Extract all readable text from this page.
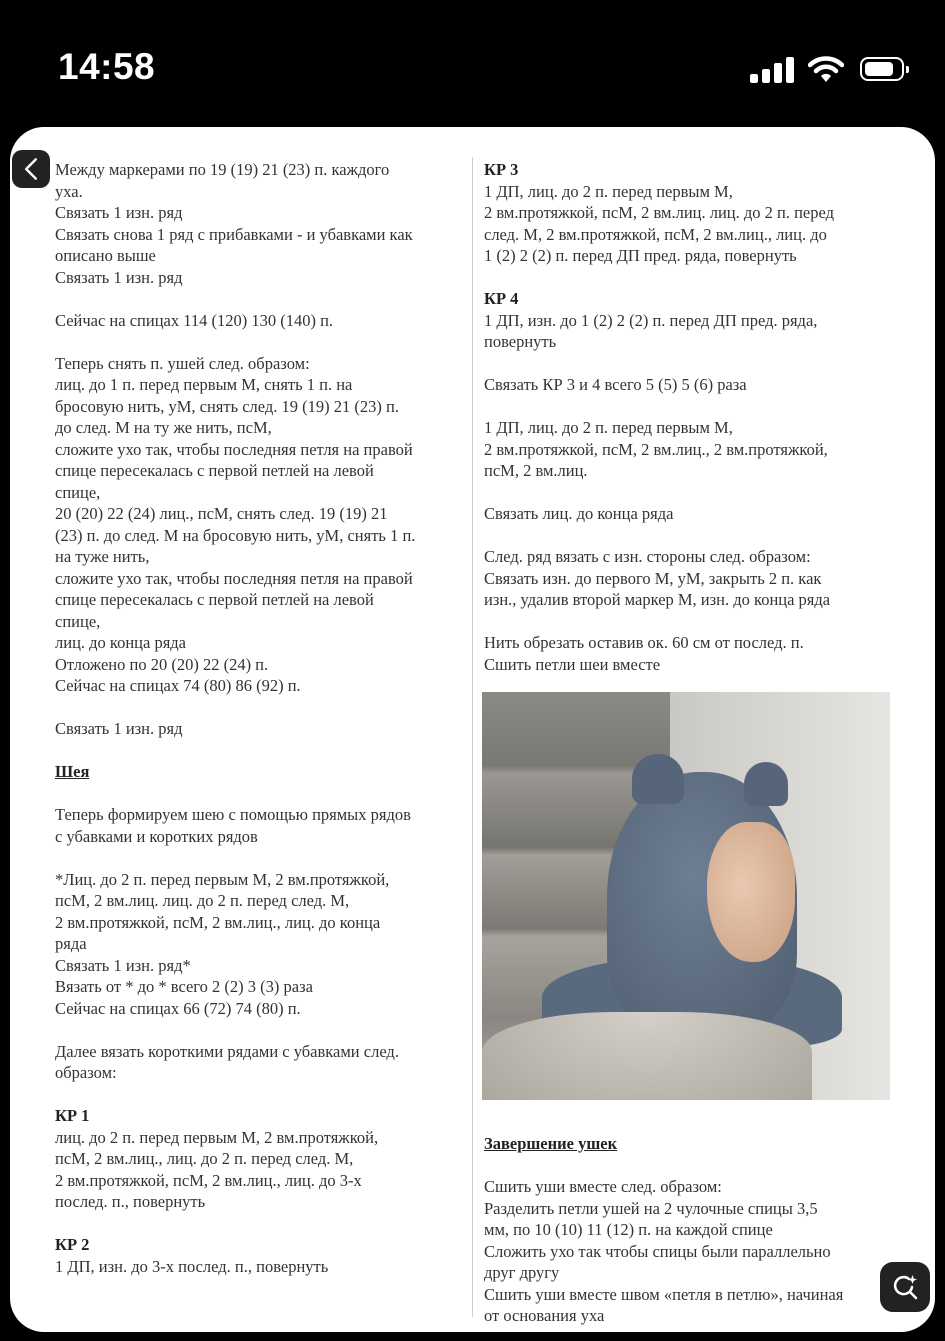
14:58
Между маркерами по 19 (19) 21 (23) п. каждого
уха.
Связать 1 изн. ряд
Связать снова 1 ряд с прибавками - и убавками как
описано выше
Связать 1 изн. ряд
Сейчас на спицах 114 (120) 130 (140) п.
Теперь снять п. ушей след. образом:
лиц. до 1 п. перед первым М, снять 1 п. на
бросовую нить, уМ, снять след. 19 (19) 21 (23) п.
до след. М на ту же нить, псМ,
сложите ухо так, чтобы последняя петля на правой
спице пересекалась с первой петлей на левой
спице,
20 (20) 22 (24) лиц., псМ, снять след. 19 (19) 21
(23) п. до след. М на бросовую нить, уМ, снять 1 п.
на туже нить,
сложите ухо так, чтобы последняя петля на правой
спице пересекалась с первой петлей на левой
спице,
лиц. до конца ряда
Отложено по 20 (20) 22 (24) п.
Сейчас на спицах 74 (80) 86 (92) п.
Связать 1 изн. ряд
Шея
Теперь формируем шею с помощью прямых рядов
с убавками и коротких рядов
*Лиц. до 2 п. перед первым М, 2 вм.протяжкой,
псМ, 2 вм.лиц. лиц. до 2 п. перед след. М,
2 вм.протяжкой, псМ, 2 вм.лиц., лиц. до конца
ряда
Связать 1 изн. ряд*
Вязать от * до * всего 2 (2) 3 (3) раза
Сейчас на спицах 66 (72) 74 (80) п.
Далее вязать короткими рядами с убавками след.
образом:
КР 1
лиц. до 2 п. перед первым М, 2 вм.протяжкой,
псМ, 2 вм.лиц., лиц. до 2 п. перед след. М,
2 вм.протяжкой, псМ, 2 вм.лиц., лиц. до 3-х
послед. п., повернуть
КР 2
1 ДП, изн. до 3-х послед. п., повернуть
КР 3
1 ДП, лиц. до 2 п. перед первым М,
2 вм.протяжкой, псМ, 2 вм.лиц. лиц. до 2 п. перед
след. М, 2 вм.протяжкой, псМ, 2 вм.лиц., лиц. до
1 (2) 2 (2) п. перед ДП пред. ряда, повернуть
КР 4
1 ДП, изн. до 1 (2) 2 (2) п. перед ДП пред. ряда,
повернуть
Связать КР 3 и 4 всего 5 (5) 5 (6) раза
1 ДП, лиц. до 2 п. перед первым М,
2 вм.протяжкой, псМ, 2 вм.лиц., 2 вм.протяжкой,
псМ, 2 вм.лиц.
Связать лиц. до конца ряда
След. ряд вязать с изн. стороны след. образом:
Связать изн. до первого М, уМ, закрыть 2 п. как
изн., удалив второй маркер М, изн. до конца ряда
Нить обрезать оставив ок. 60 см от послед. п.
Сшить петли шеи вместе
Завершение ушек
Сшить уши вместе след. образом:
Разделить петли ушей на 2 чулочные спицы 3,5
мм, по 10 (10) 11 (12) п. на каждой спице
Сложить ухо так чтобы спицы были параллельно
друг другу
Сшить уши вместе швом «петля в петлю», начиная
от основания уха
